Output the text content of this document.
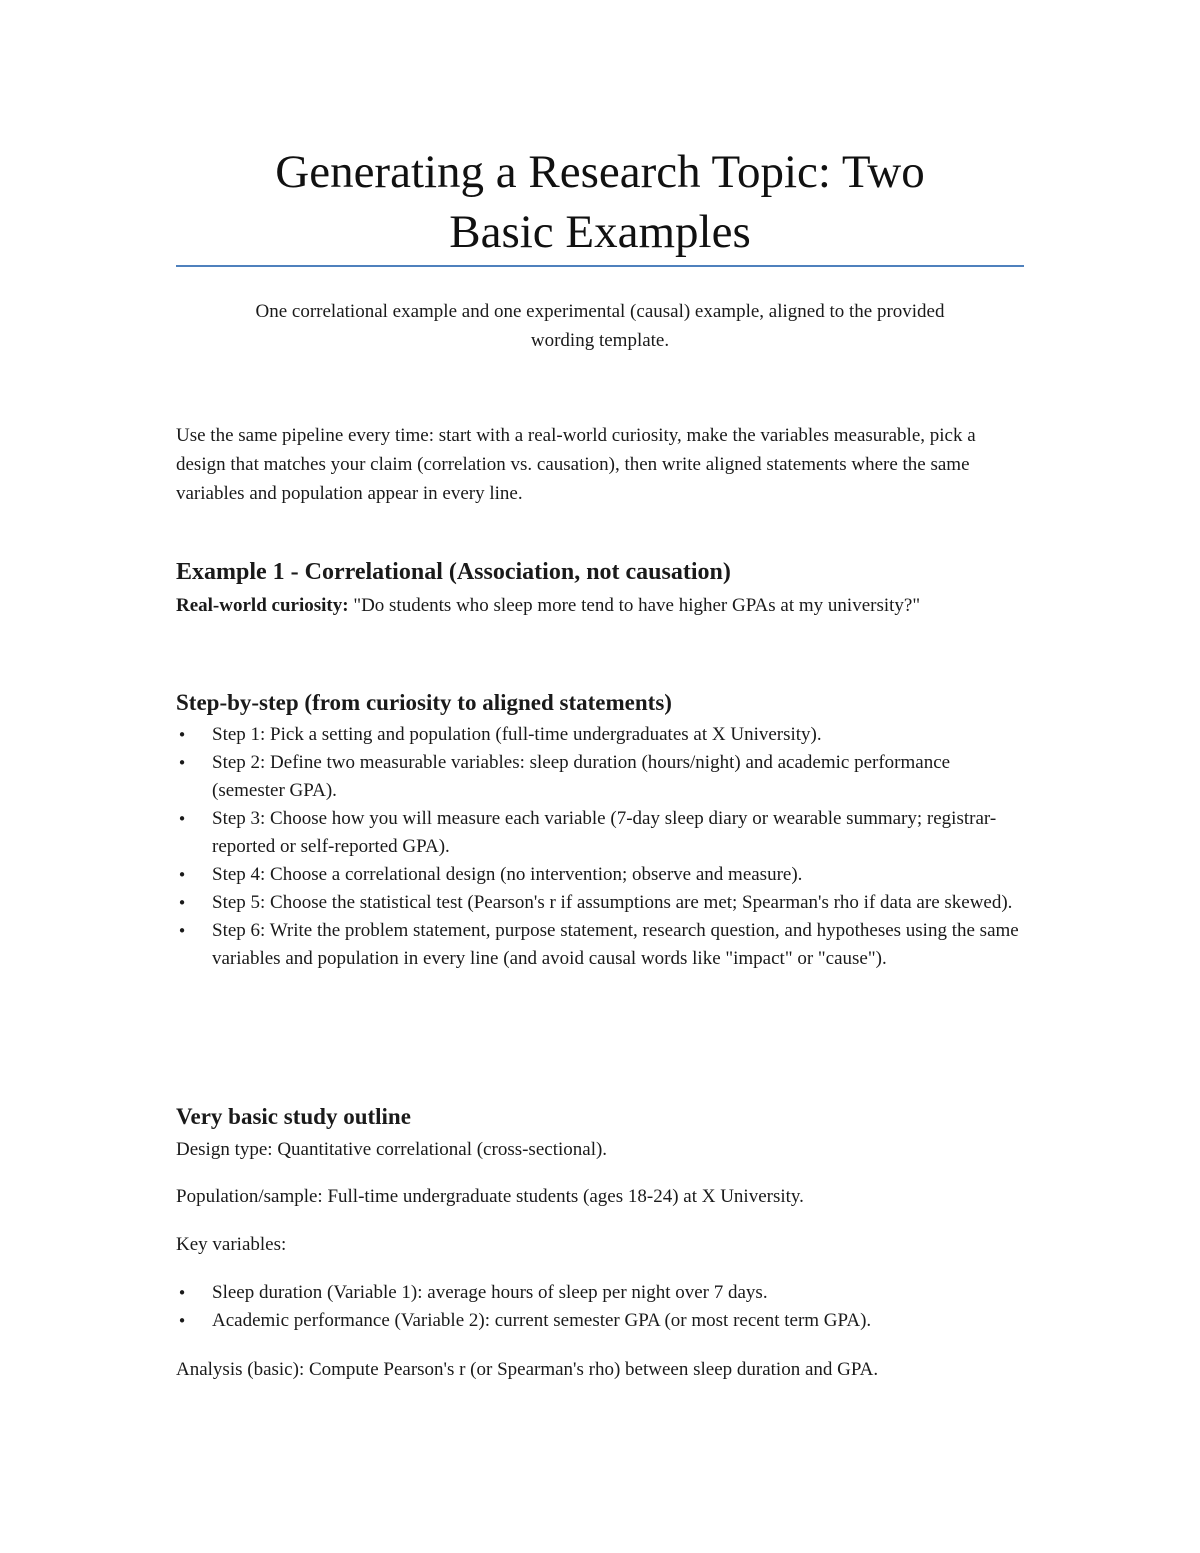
Generating a Research Topic: Two
Basic Examples

One correlational example and one experimental (causal) example, aligned to the provided
wording template.

Use the same pipeline every time: start with a real-world curiosity, make the variables measurable, pick a design that matches your claim (correlation vs. causation), then write aligned statements where the same variables and population appear in every line.

Example 1 - Correlational (Association, not causation)

Real-world curiosity: "Do students who sleep more tend to have higher GPAs at my university?"

Step-by-step (from curiosity to aligned statements)
• Step 1: Pick a setting and population (full-time undergraduates at X University).
• Step 2: Define two measurable variables: sleep duration (hours/night) and academic performance (semester GPA).
• Step 3: Choose how you will measure each variable (7-day sleep diary or wearable summary; registrar-reported or self-reported GPA).
• Step 4: Choose a correlational design (no intervention; observe and measure).
• Step 5: Choose the statistical test (Pearson's r if assumptions are met; Spearman's rho if data are skewed).
• Step 6: Write the problem statement, purpose statement, research question, and hypotheses using the same variables and population in every line (and avoid causal words like "impact" or "cause").
Very basic study outline

Design type: Quantitative correlational (cross-sectional).

Population/sample: Full-time undergraduate students (ages 18-24) at X University.

Key variables:

• Sleep duration (Variable 1): average hours of sleep per night over 7 days.
• Academic performance (Variable 2): current semester GPA (or most recent term GPA).

Analysis (basic): Compute Pearson's r (or Spearman's rho) between sleep duration and GPA.
